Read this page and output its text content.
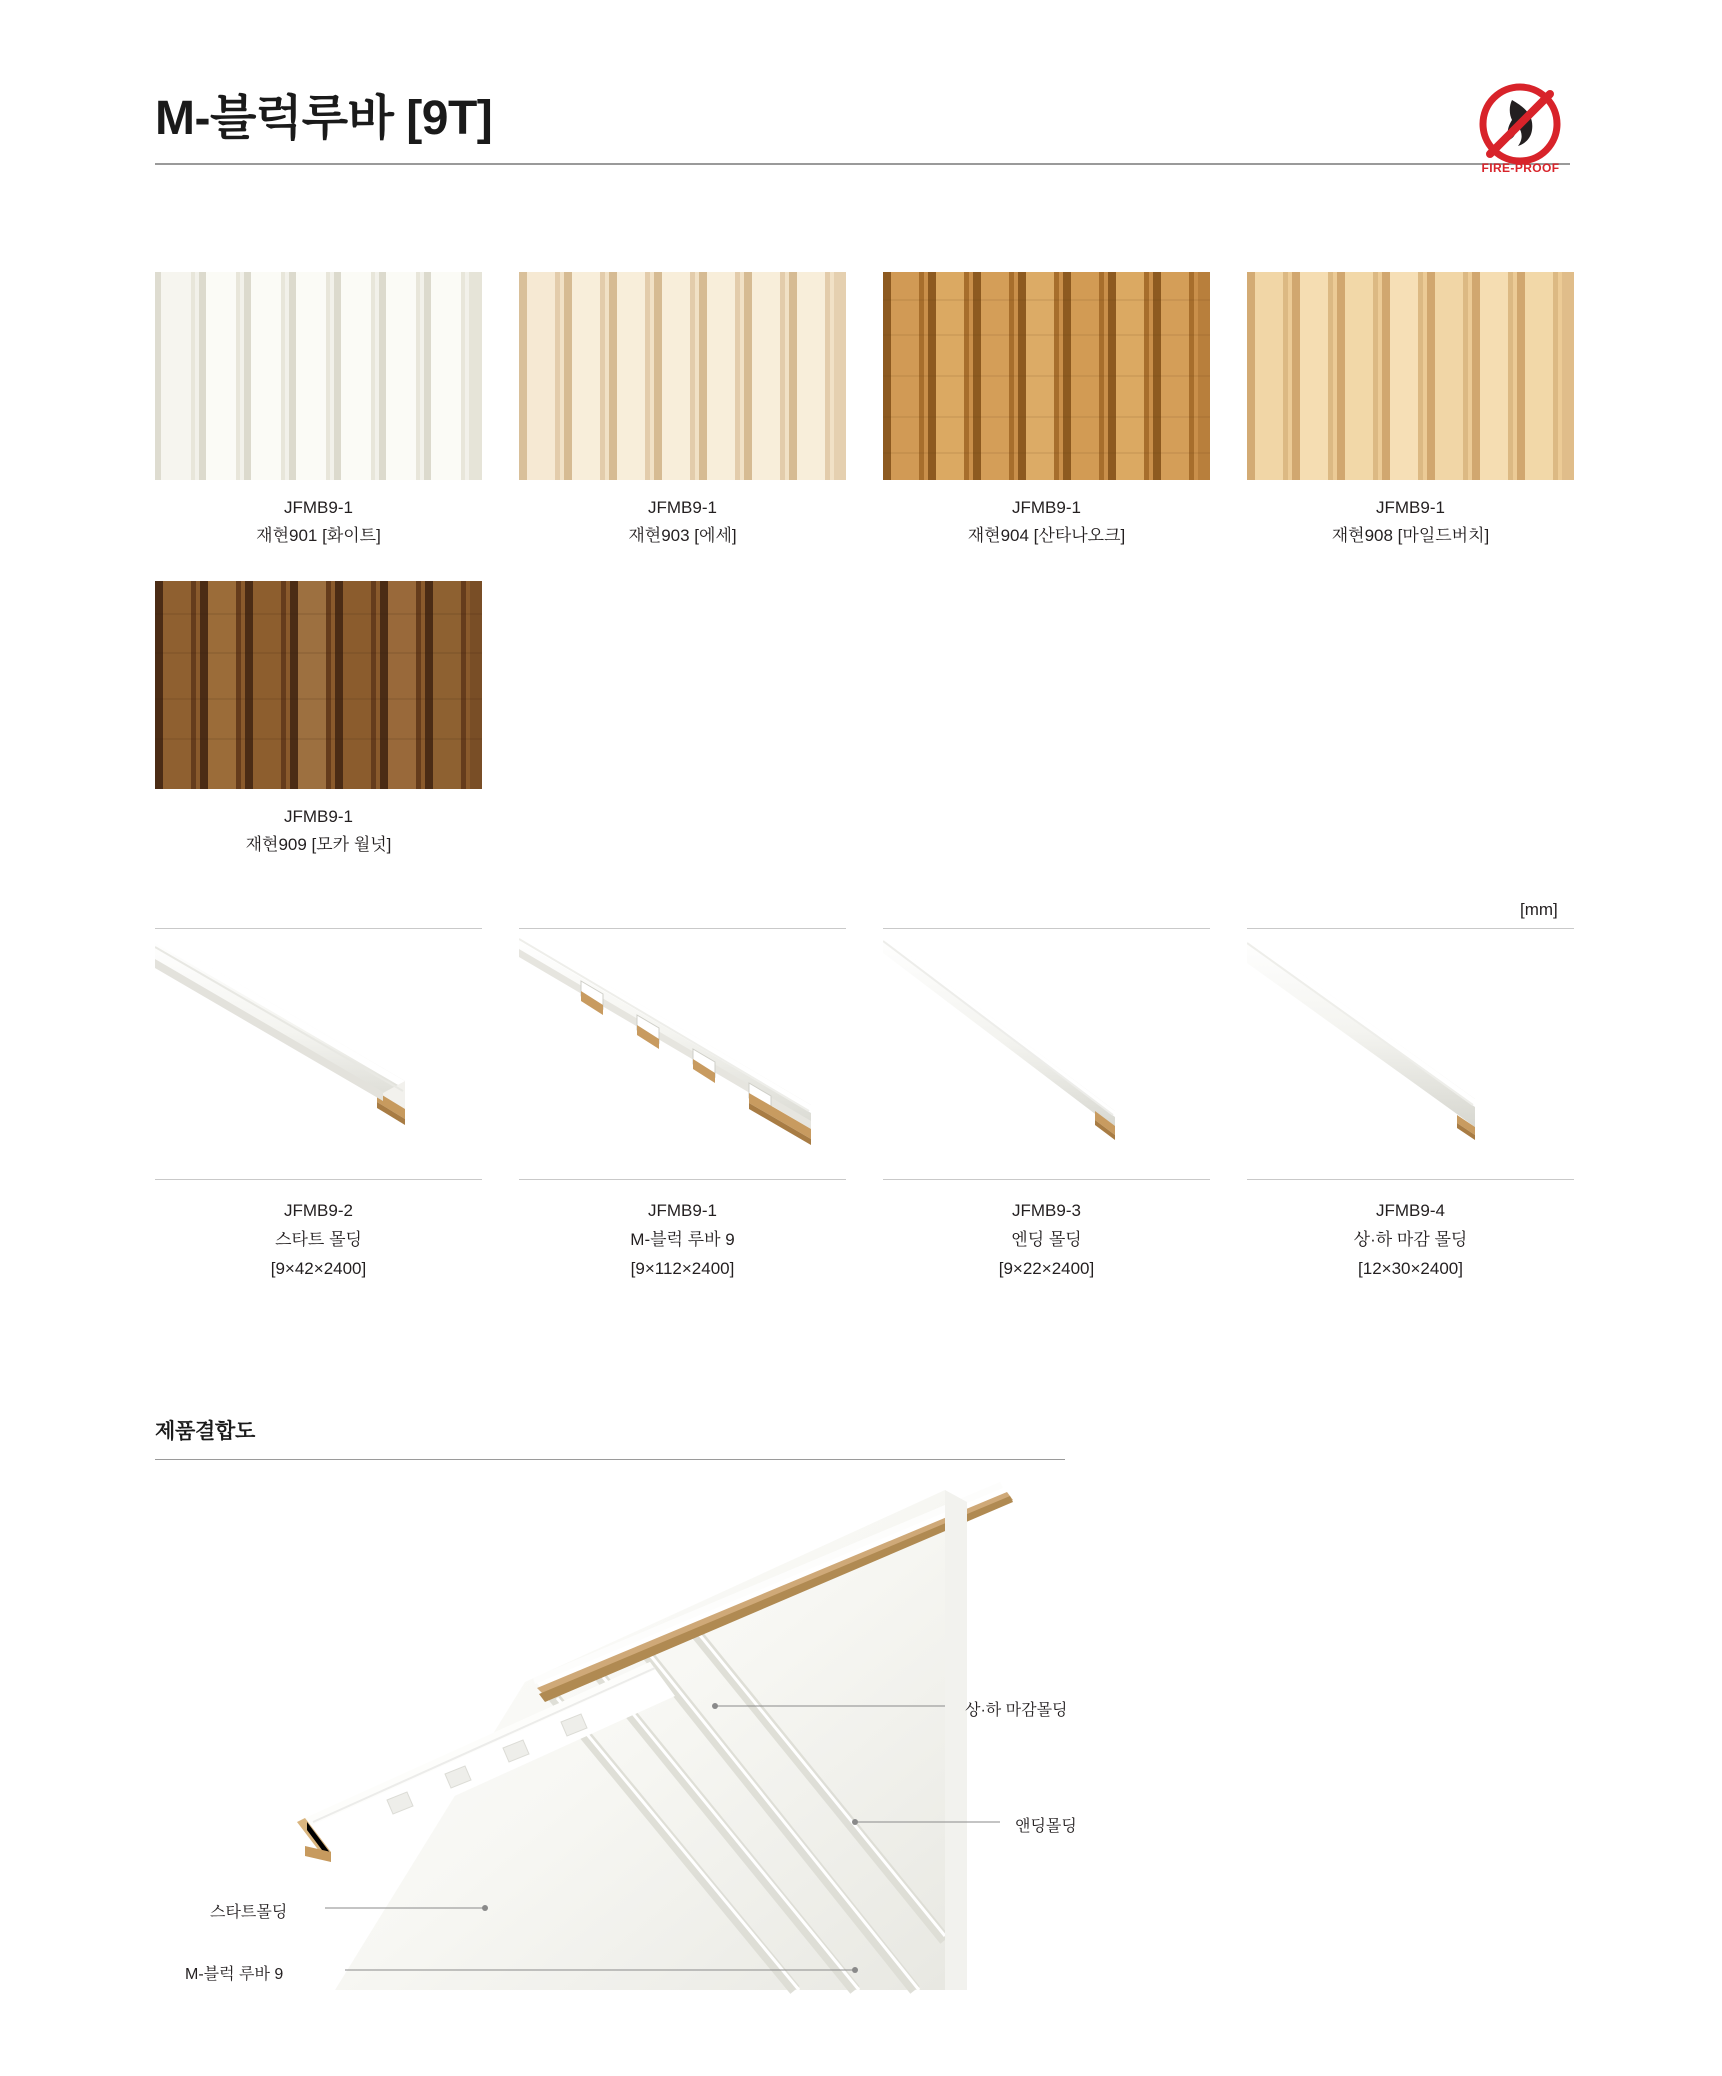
M-블럭루바 [9T]
FIRE-PROOF
JFMB9-1
재현901 [화이트]
JFMB9-1
재현903 [에세]
JFMB9-1
재현904 [산타나오크]
JFMB9-1
재현908 [마일드버치]
JFMB9-1
재현909 [모카 월넛]
[mm]
JFMB9-2
스타트 몰딩
[9×42×2400]
JFMB9-1
M-블럭 루바 9
[9×112×2400]
JFMB9-3
엔딩 몰딩
[9×22×2400]
JFMB9-4
상·하 마감 몰딩
[12×30×2400]
제품결합도
상·하 마감몰딩
앤딩몰딩
스타트몰딩
M-블럭 루바 9
